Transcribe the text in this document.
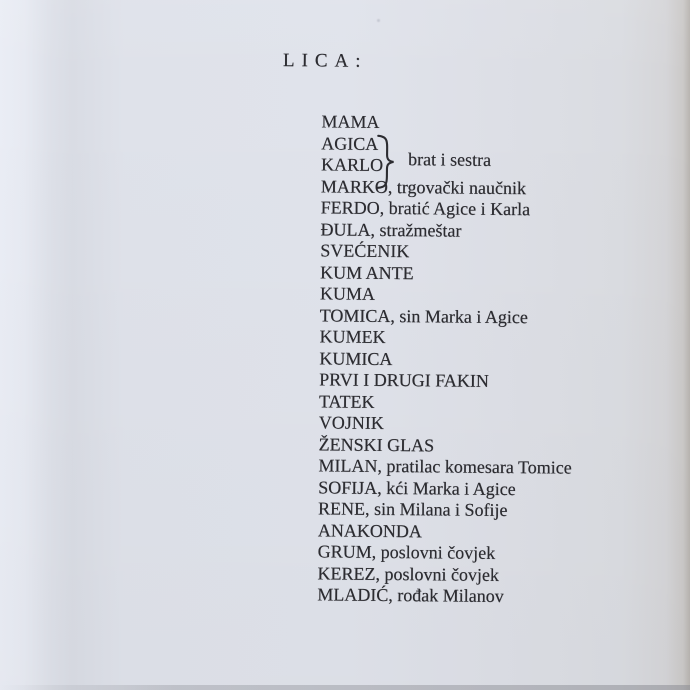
LICA:
MAMA
AGICA
KARLO
MARKO, trgovački naučnik
FERDO, bratić Agice i Karla
ĐULA, stražmeštar
SVEĆENIK
KUM ANTE
KUMA
TOMICA, sin Marka i Agice
KUMEK
KUMICA
PRVI I DRUGI FAKIN
TATEK
VOJNIK
ŽENSKI GLAS
MILAN, pratilac komesara Tomice
SOFIJA, kći Marka i Agice
RENE, sin Milana i Sofije
ANAKONDA
GRUM, poslovni čovjek
KEREZ, poslovni čovjek
MLADIĆ, rođak Milanov
brat i sestra
